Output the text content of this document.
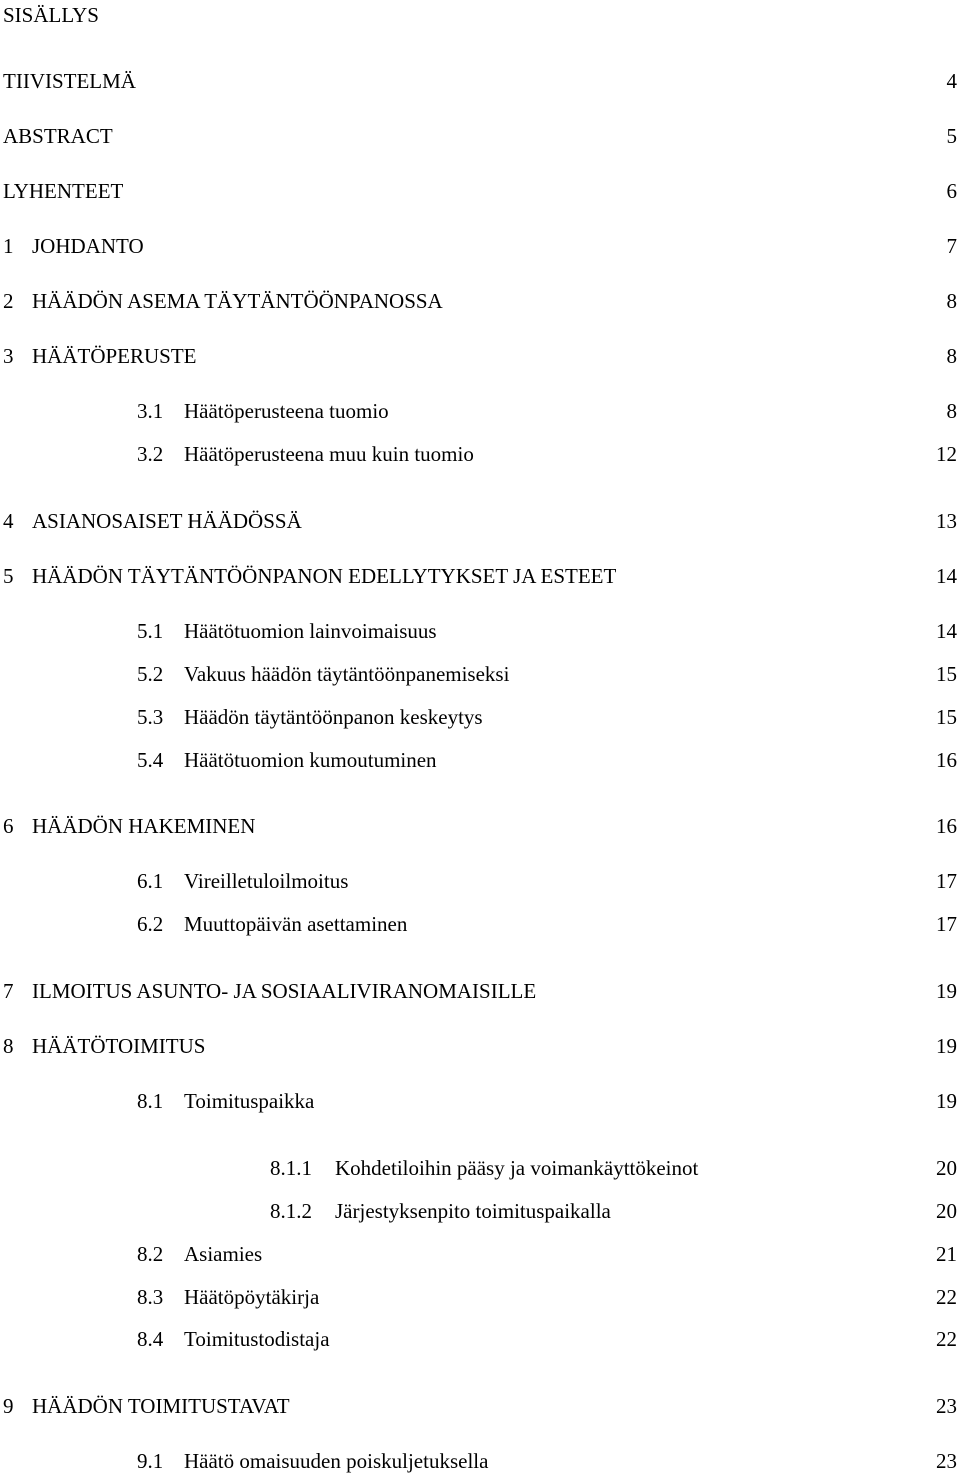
SISÄLLYS
TIIVISTELMÄ	4
ABSTRACT	5
LYHENTEET	6
1 JOHDANTO	7
2 HÄÄDÖN ASEMA TÄYTÄNTÖÖNPANOSSA	8
3 HÄÄTÖPERUSTE	8
3.1 Häätöperusteena tuomio	8
3.2 Häätöperusteena muu kuin tuomio	12
4 ASIANOSAISET HÄÄDÖSSÄ	13
5 HÄÄDÖN TÄYTÄNTÖÖNPANON EDELLYTYKSET JA ESTEET	14
5.1 Häätötuomion lainvoimaisuus	14
5.2 Vakuus häädön täytäntöönpanemiseksi	15
5.3 Häädön täytäntöönpanon keskeytys	15
5.4 Häätötuomion kumoutuminen	16
6 HÄÄDÖN HAKEMINEN	16
6.1 Vireilletuloilmoitus	17
6.2 Muuttopäivän asettaminen	17
7 ILMOITUS ASUNTO- JA SOSIAALIVIRANOMAISILLE	19
8 HÄÄTÖTOIMITUS	19
8.1 Toimituspaikka	19
8.1.1 Kohdetiloihin pääsy ja voimankäyttökeinot	20
8.1.2 Järjestyksenpito toimituspaikalla	20
8.2 Asiamies	21
8.3 Häätöpöytäkirja	22
8.4 Toimitustodistaja	22
9 HÄÄDÖN TOIMITUSTAVAT	23
9.1 Häätö omaisuuden poiskuljetuksella	23
